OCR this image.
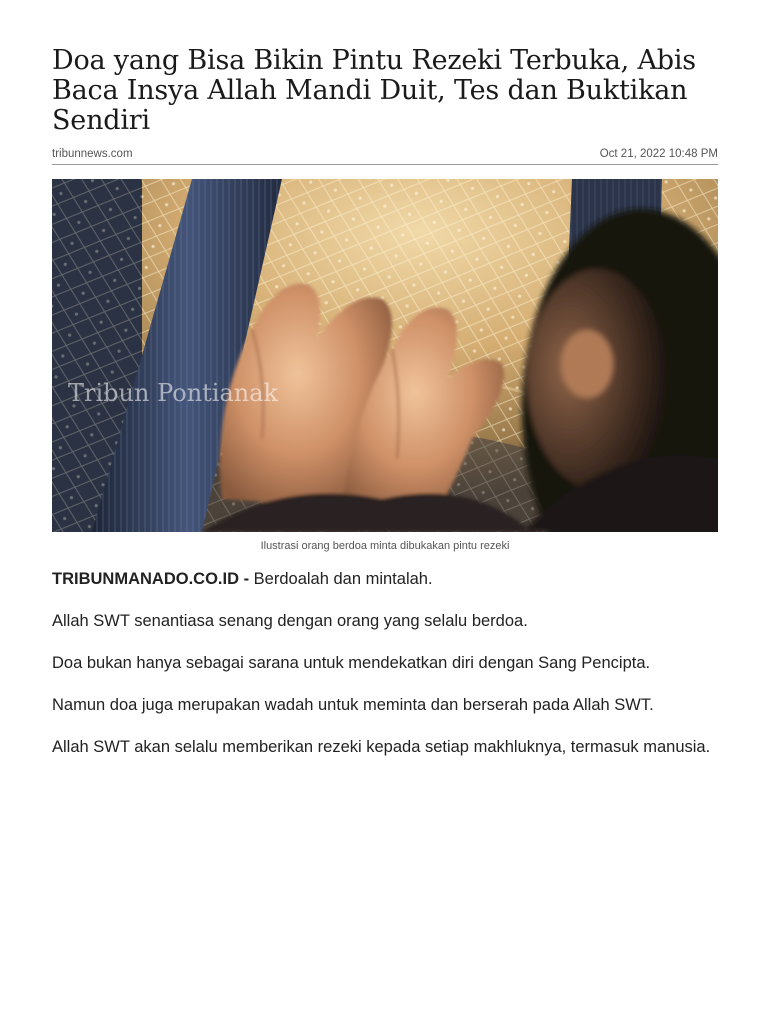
Doa yang Bisa Bikin Pintu Rezeki Terbuka, Abis Baca Insya Allah Mandi Duit, Tes dan Buktikan Sendiri
tribunnews.com	Oct 21, 2022 10:48 PM
Tribun Pontianak
Ilustrasi orang berdoa minta dibukakan pintu rezeki

TRIBUNMANADO.CO.ID - Berdoalah dan mintalah.

Allah SWT senantiasa senang dengan orang yang selalu berdoa.

Doa bukan hanya sebagai sarana untuk mendekatkan diri dengan Sang Pencipta.

Namun doa juga merupakan wadah untuk meminta dan berserah pada Allah SWT.

Allah SWT akan selalu memberikan rezeki kepada setiap makhluknya, termasuk manusia.
